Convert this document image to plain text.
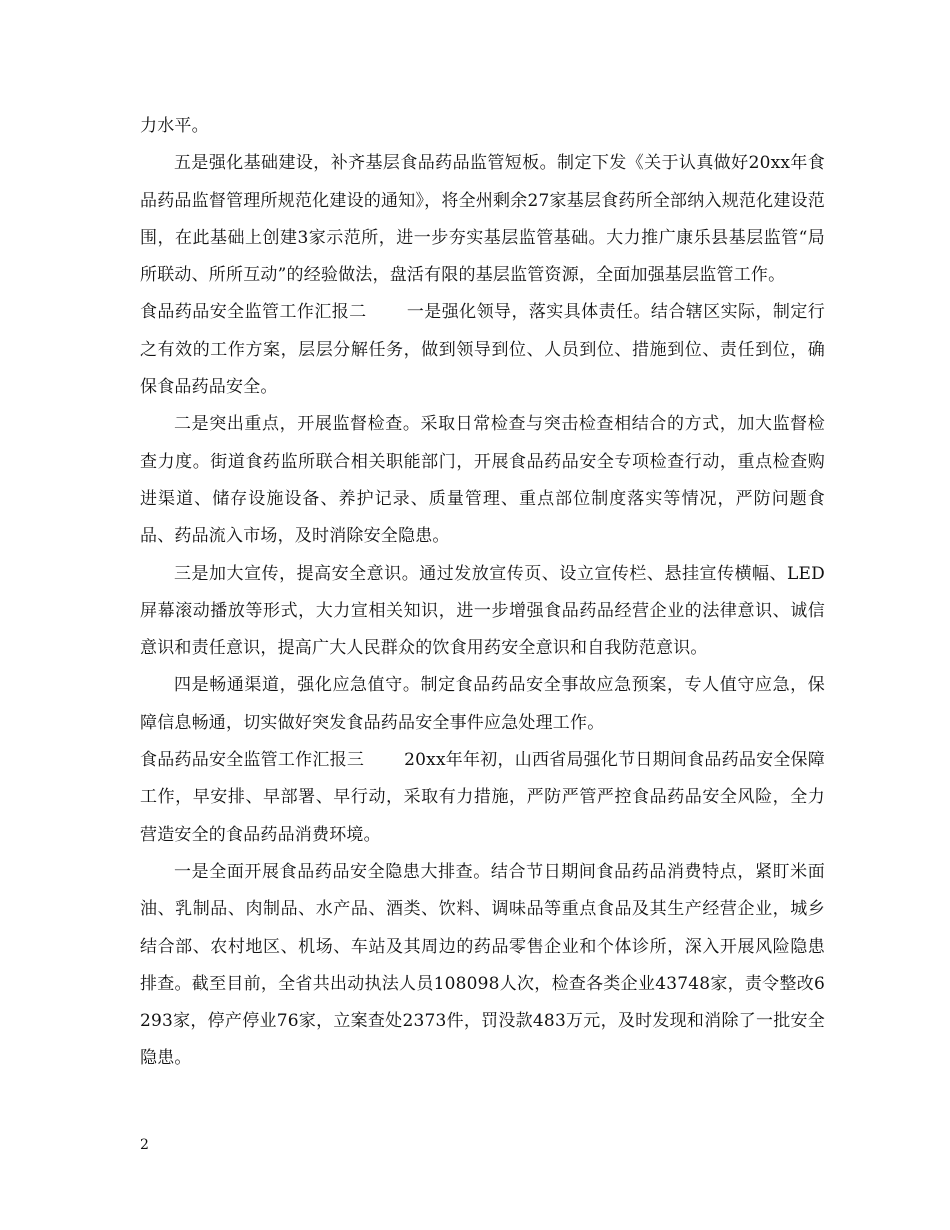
力水平。

五是强化基础建设，补齐基层食品药品监管短板。制定下发《关于认真做好20xx年食品药品监督管理所规范化建设的通知》，将全州剩余27家基层食药所全部纳入规范化建设范围，在此基础上创建3家示范所，进一步夯实基层监管基础。大力推广康乐县基层监管“局所联动、所所互动”的经验做法，盘活有限的基层监管资源，全面加强基层监管工作。

食品药品安全监管工作汇报二 一是强化领导，落实具体责任。结合辖区实际，制定行之有效的工作方案，层层分解任务，做到领导到位、人员到位、措施到位、责任到位，确保食品药品安全。

二是突出重点，开展监督检查。采取日常检查与突击检查相结合的方式，加大监督检查力度。街道食药监所联合相关职能部门，开展食品药品安全专项检查行动，重点检查购进渠道、储存设施设备、养护记录、质量管理、重点部位制度落实等情况，严防问题食品、药品流入市场，及时消除安全隐患。

三是加大宣传，提高安全意识。通过发放宣传页、设立宣传栏、悬挂宣传横幅、LED屏幕滚动播放等形式，大力宣相关知识，进一步增强食品药品经营企业的法律意识、诚信意识和责任意识，提高广大人民群众的饮食用药安全意识和自我防范意识。

四是畅通渠道，强化应急值守。制定食品药品安全事故应急预案，专人值守应急，保障信息畅通，切实做好突发食品药品安全事件应急处理工作。

食品药品安全监管工作汇报三 20xx年年初，山西省局强化节日期间食品药品安全保障工作，早安排、早部署、早行动，采取有力措施，严防严管严控食品药品安全风险，全力营造安全的食品药品消费环境。

一是全面开展食品药品安全隐患大排查。结合节日期间食品药品消费特点，紧盯米面油、乳制品、肉制品、水产品、酒类、饮料、调味品等重点食品及其生产经营企业，城乡结合部、农村地区、机场、车站及其周边的药品零售企业和个体诊所，深入开展风险隐患排查。截至目前，全省共出动执法人员108098人次，检查各类企业43748家，责令整改6293家，停产停业76家，立案查处2373件，罚没款483万元，及时发现和消除了一批安全隐患。

2
